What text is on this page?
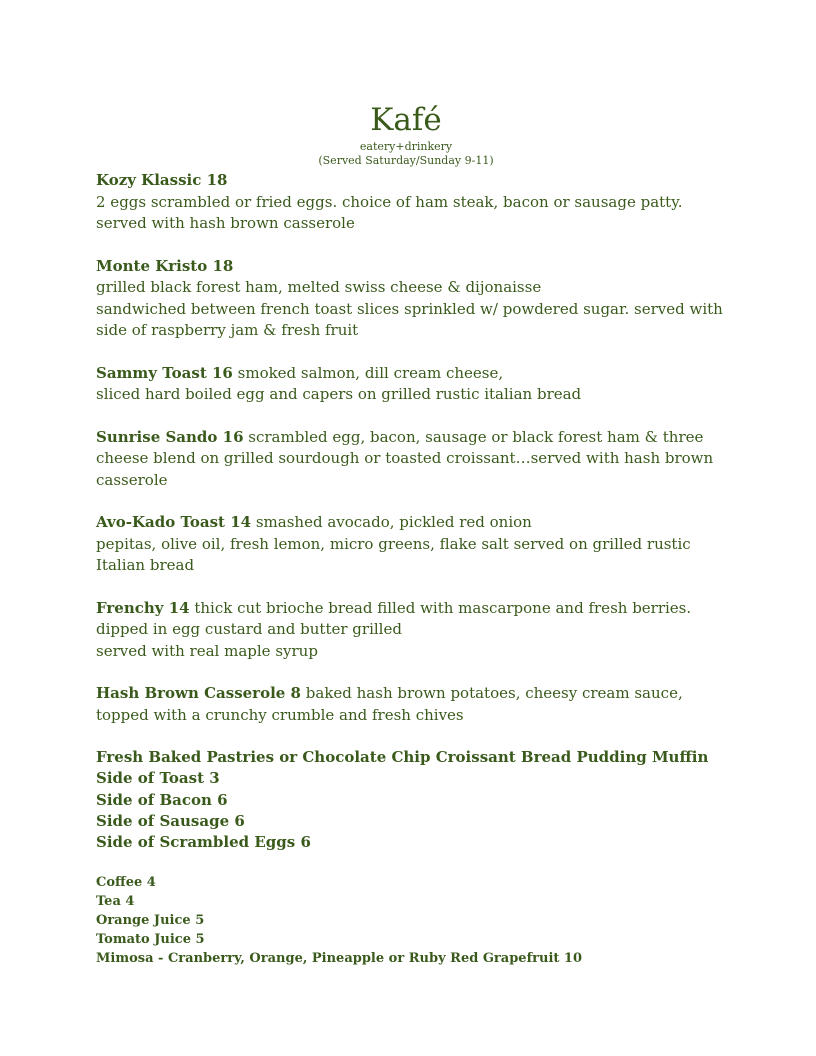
Kafé

eatery+drinkery

(Served Saturday/Sunday 9-11)

Kozy Klassic 18
2 eggs scrambled or fried eggs. choice of ham steak, bacon or sausage patty. served with hash brown casserole
Monte Kristo 18
grilled black forest ham, melted swiss cheese & dijonaisse
sandwiched between french toast slices sprinkled w/ powdered sugar. served with side of raspberry jam & fresh fruit
Sammy Toast 16 smoked salmon, dill cream cheese,
sliced hard boiled egg and capers on grilled rustic italian bread
Sunrise Sando 16 scrambled egg, bacon, sausage or black forest ham & three cheese blend on grilled sourdough or toasted croissant…served with hash brown casserole
Avo-Kado Toast 14 smashed avocado, pickled red onion
pepitas, olive oil, fresh lemon, micro greens, flake salt served on grilled rustic Italian bread
Frenchy 14 thick cut brioche bread filled with mascarpone and fresh berries. dipped in egg custard and butter grilled
served with real maple syrup
Hash Brown Casserole 8 baked hash brown potatoes, cheesy cream sauce, topped with a crunchy crumble and fresh chives
Fresh Baked Pastries or Chocolate Chip Croissant Bread Pudding Muffin
Side of Toast 3
Side of Bacon 6
Side of Sausage 6
Side of Scrambled Eggs 6
Coffee 4
Tea 4
Orange Juice 5
Tomato Juice 5
Mimosa - Cranberry, Orange, Pineapple or Ruby Red Grapefruit 10
